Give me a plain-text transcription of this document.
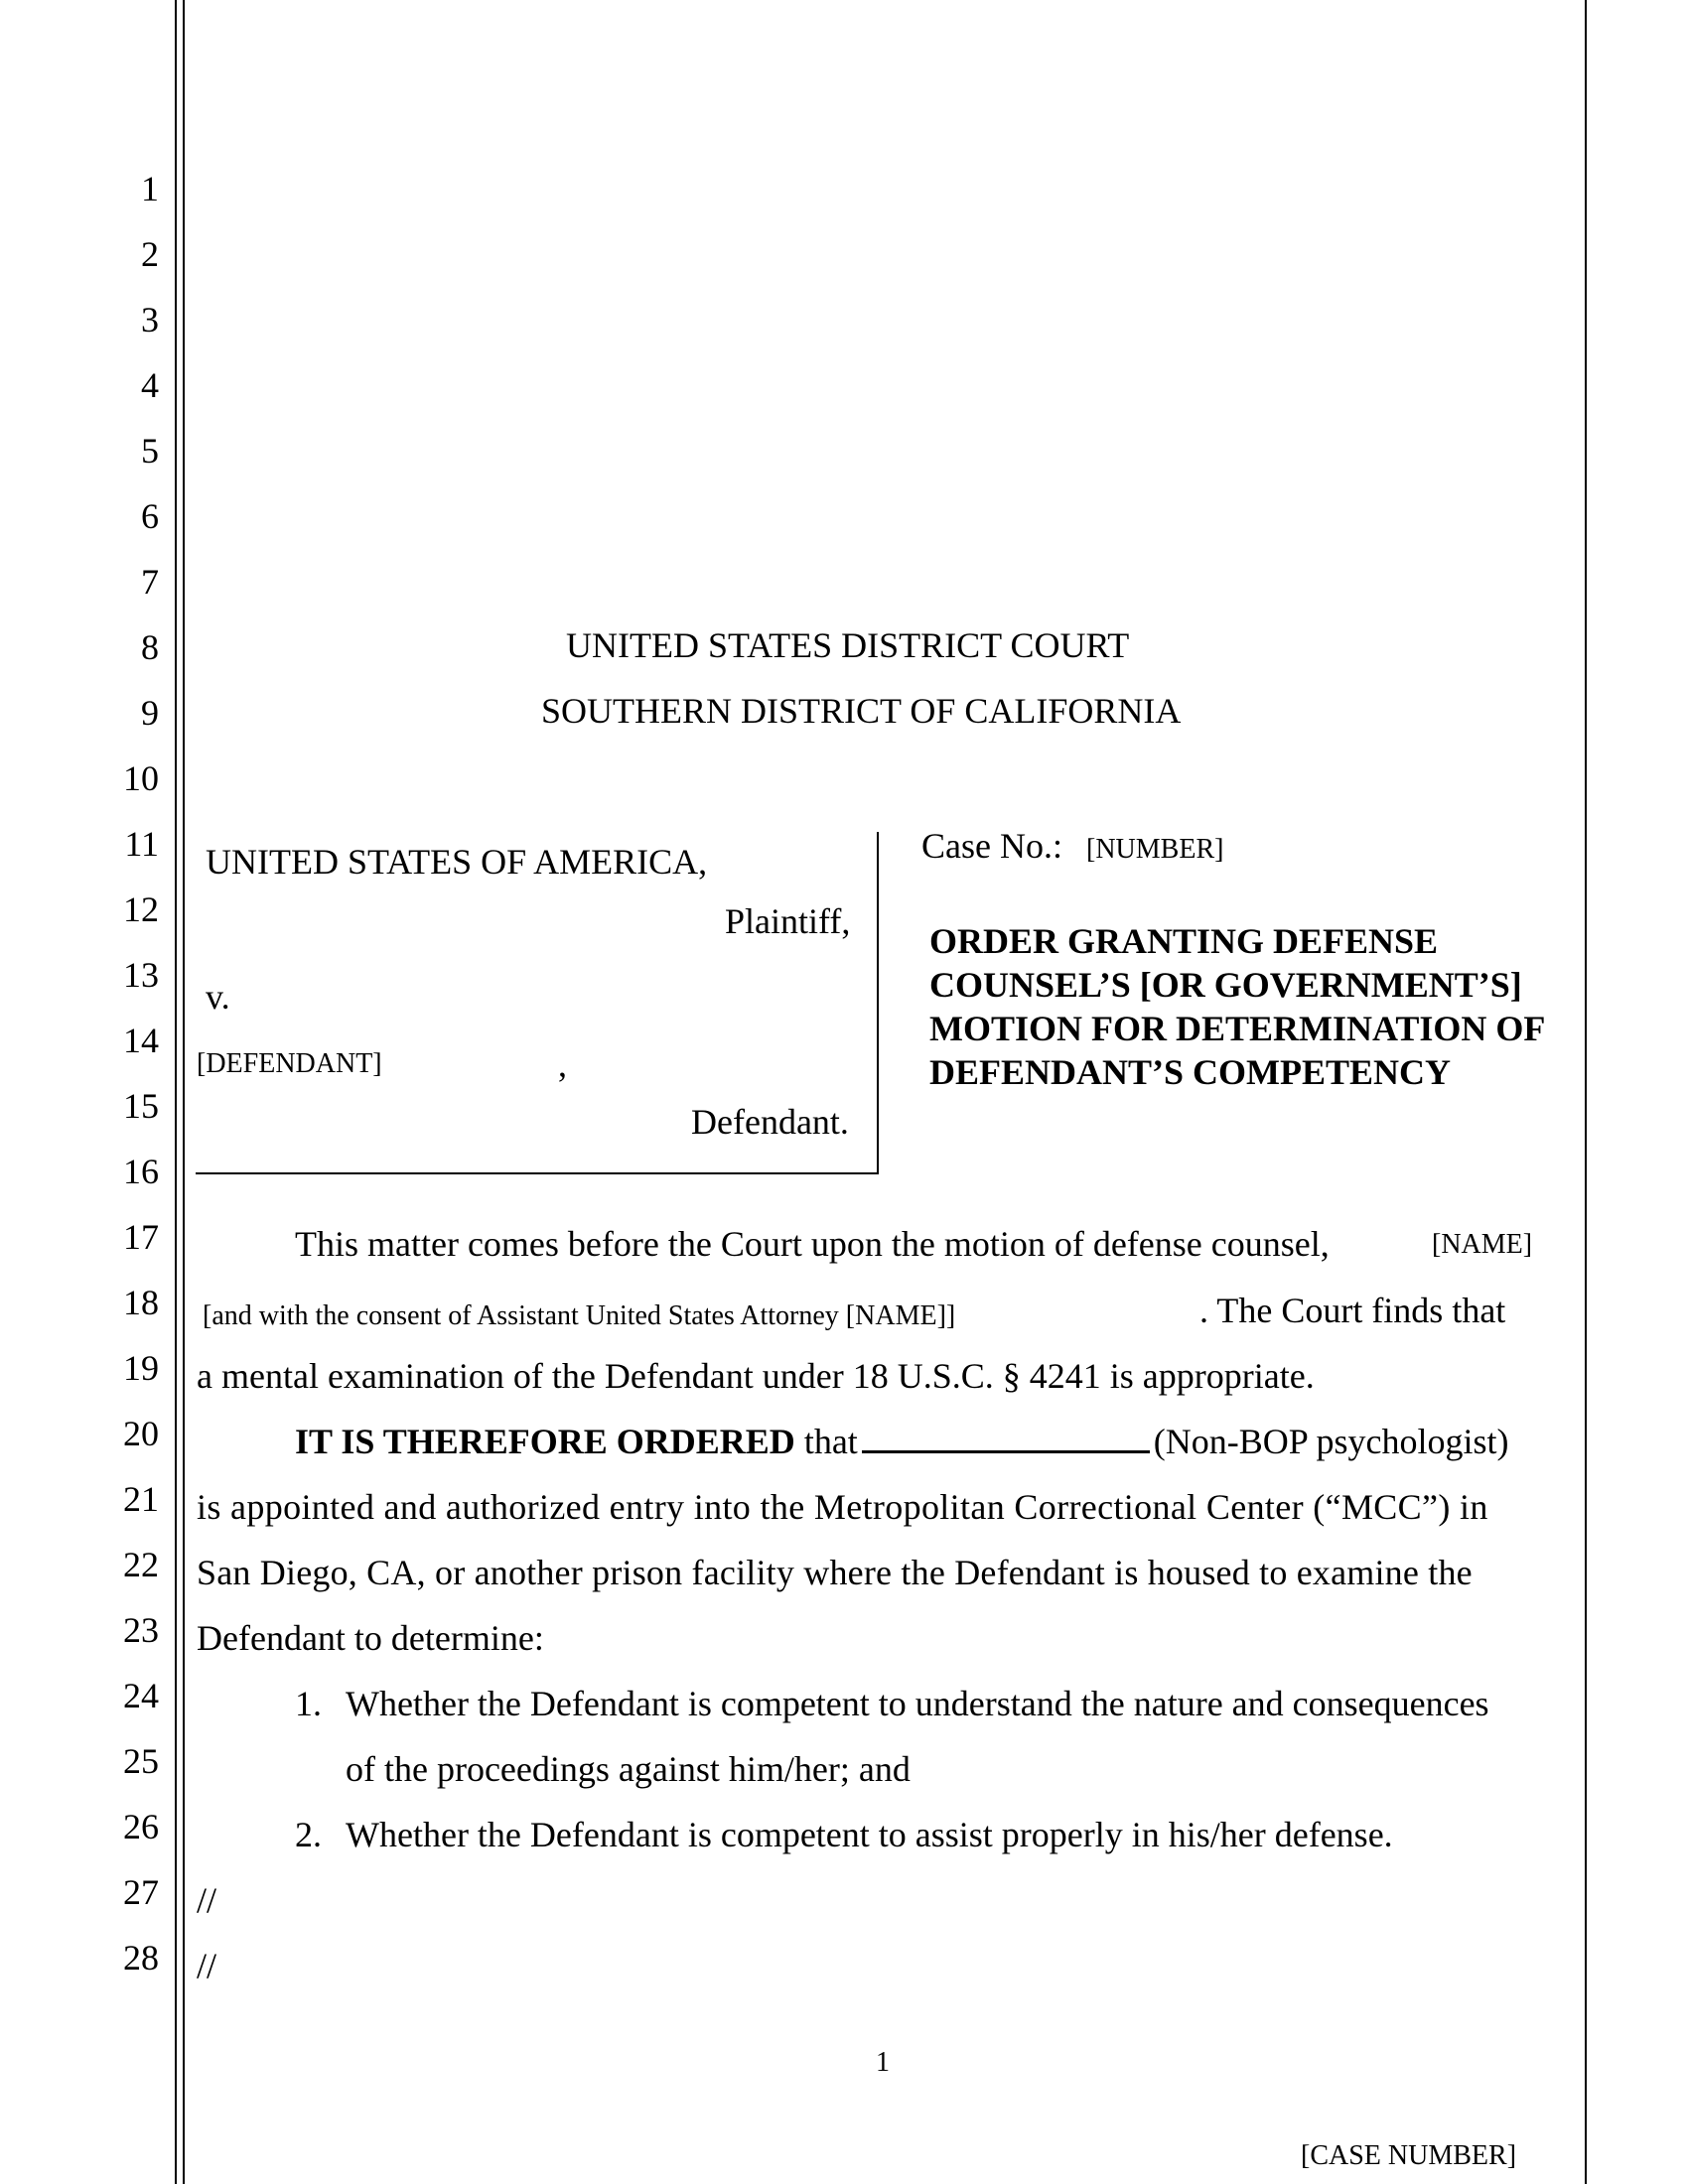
1
2
3
4
5
6
7
8
9
10
11
12
13
14
15
16
17
18
19
20
21
22
23
24
25
26
27
28
UNITED STATES DISTRICT COURT
SOUTHERN DISTRICT OF CALIFORNIA
UNITED STATES OF AMERICA,
Plaintiff,
v.
[DEFENDANT]	,
Defendant.
Case No.: [NUMBER]
ORDER GRANTING DEFENSE COUNSEL’S [OR GOVERNMENT’S] MOTION FOR DETERMINATION OF DEFENDANT’S COMPETENCY
This matter comes before the Court upon the motion of defense counsel,	[NAME]
[and with the consent of Assistant United States Attorney [NAME]]	. The Court finds that
a mental examination of the Defendant under 18 U.S.C. § 4241 is appropriate.
IT IS THEREFORE ORDERED that	(Non-BOP psychologist)
is appointed and authorized entry into the Metropolitan Correctional Center (“MCC”) in
San Diego, CA, or another prison facility where the Defendant is housed to examine the
Defendant to determine:
1. Whether the Defendant is competent to understand the nature and consequences
of the proceedings against him/her; and
2. Whether the Defendant is competent to assist properly in his/her defense.
//
//
1
[CASE NUMBER]
